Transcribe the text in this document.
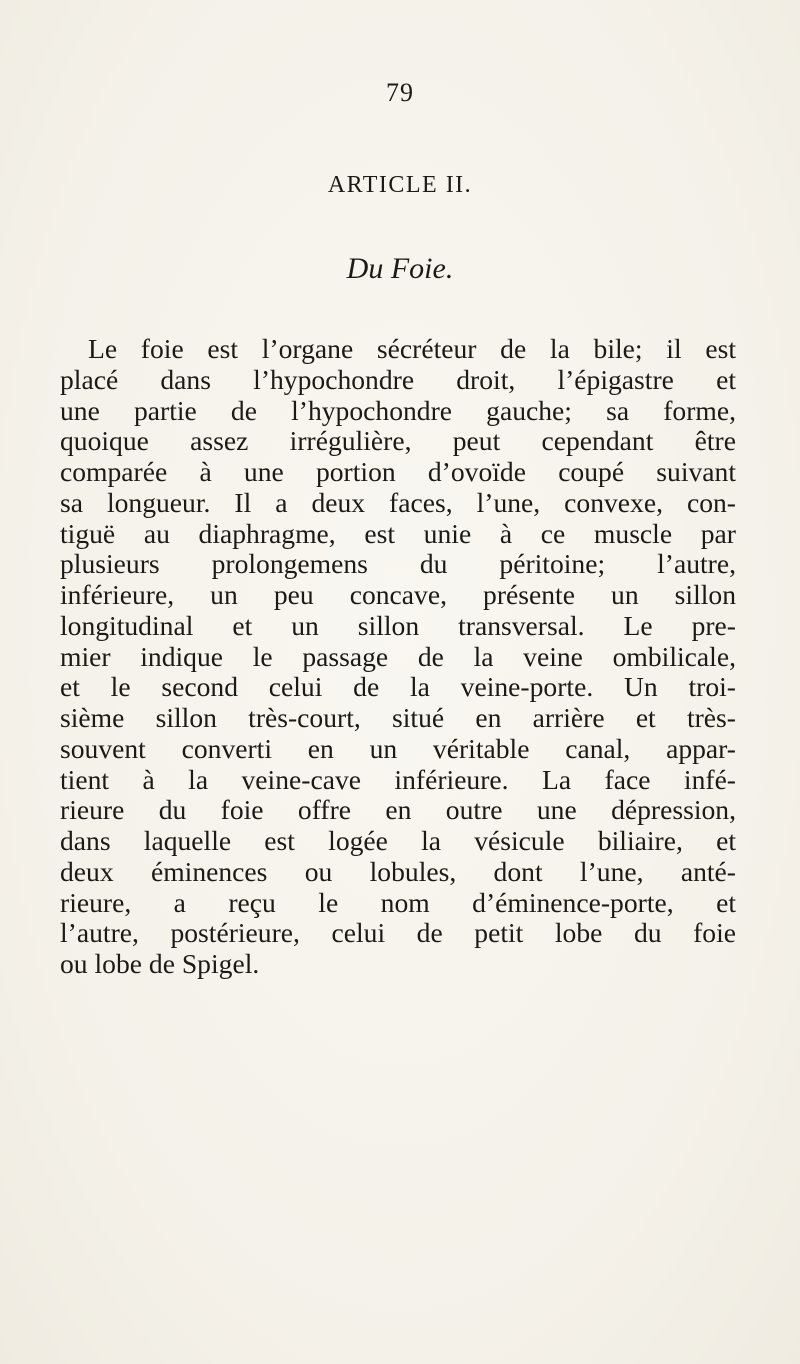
79
ARTICLE II.
Du Foie.

Le foie est l’organe sécréteur de la bile; il est
placé dans l’hypochondre droit, l’épigastre et
une partie de l’hypochondre gauche; sa forme,
quoique assez irrégulière, peut cependant être
comparée à une portion d’ovoïde coupé suivant
sa longueur. Il a deux faces, l’une, convexe, con-
tiguë au diaphragme, est unie à ce muscle par
plusieurs prolongemens du péritoine; l’autre,
inférieure, un peu concave, présente un sillon
longitudinal et un sillon transversal. Le pre-
mier indique le passage de la veine ombilicale,
et le second celui de la veine-porte. Un troi-
sième sillon très-court, situé en arrière et très-
souvent converti en un véritable canal, appar-
tient à la veine-cave inférieure. La face infé-
rieure du foie offre en outre une dépression,
dans laquelle est logée la vésicule biliaire, et
deux éminences ou lobules, dont l’une, anté-
rieure, a reçu le nom d’éminence-porte, et
l’autre, postérieure, celui de petit lobe du foie
ou lobe de Spigel.
